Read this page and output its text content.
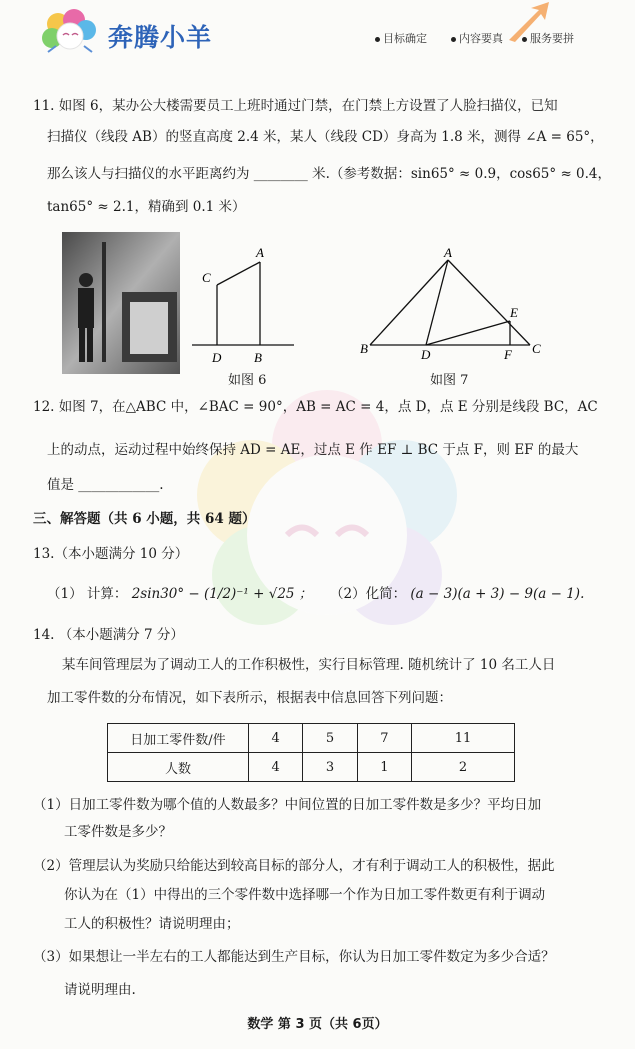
奔腾小羊	目标确定	内容要真	服务要拼
11. 如图 6，某办公大楼需要员工上班时通过门禁，在门禁上方设置了人脸扫描仪，已知
扫描仪（线段 AB）的竖直高度 2.4 米，某人（线段 CD）身高为 1.8 米，测得 ∠A = 65°，
那么该人与扫描仪的水平距离约为 ________ 米.（参考数据：sin65° ≈ 0.9，cos65° ≈ 0.4，
tan65° ≈ 2.1，精确到 0.1 米）
A
C
D	B
如图 6
A
E
B	D	F C
如图 7
12. 如图 7，在△ABC 中，∠BAC = 90°，AB = AC = 4，点 D，点 E 分别是线段 BC，AC
上的动点，运动过程中始终保持 AD = AE，过点 E 作 EF ⊥ BC 于点 F，则 EF 的最大
值是 ____________.
三、解答题（共 6 小题，共 64 题）
13.（本小题满分 10 分）
（1） 计算： 2sin30° − (1/2)⁻¹ + √25 ； （2）化简： (a − 3)(a + 3) − 9(a − 1).
14. （本小题满分 7 分）
某车间管理层为了调动工人的工作积极性，实行目标管理. 随机统计了 10 名工人日
加工零件数的分布情况，如下表所示，根据表中信息回答下列问题：
日加工零件数/件	4	5	7	11
人数	4	3	1	2
（1）日加工零件数为哪个值的人数最多？中间位置的日加工零件数是多少？平均日加
工零件数是多少？
（2）管理层认为奖励只给能达到较高目标的部分人，才有利于调动工人的积极性，据此
你认为在（1）中得出的三个零件数中选择哪一个作为日加工零件数更有利于调动
工人的积极性？请说明理由；
（3）如果想让一半左右的工人都能达到生产目标，你认为日加工零件数定为多少合适？
请说明理由.
数学 第 3 页（共 6页）
